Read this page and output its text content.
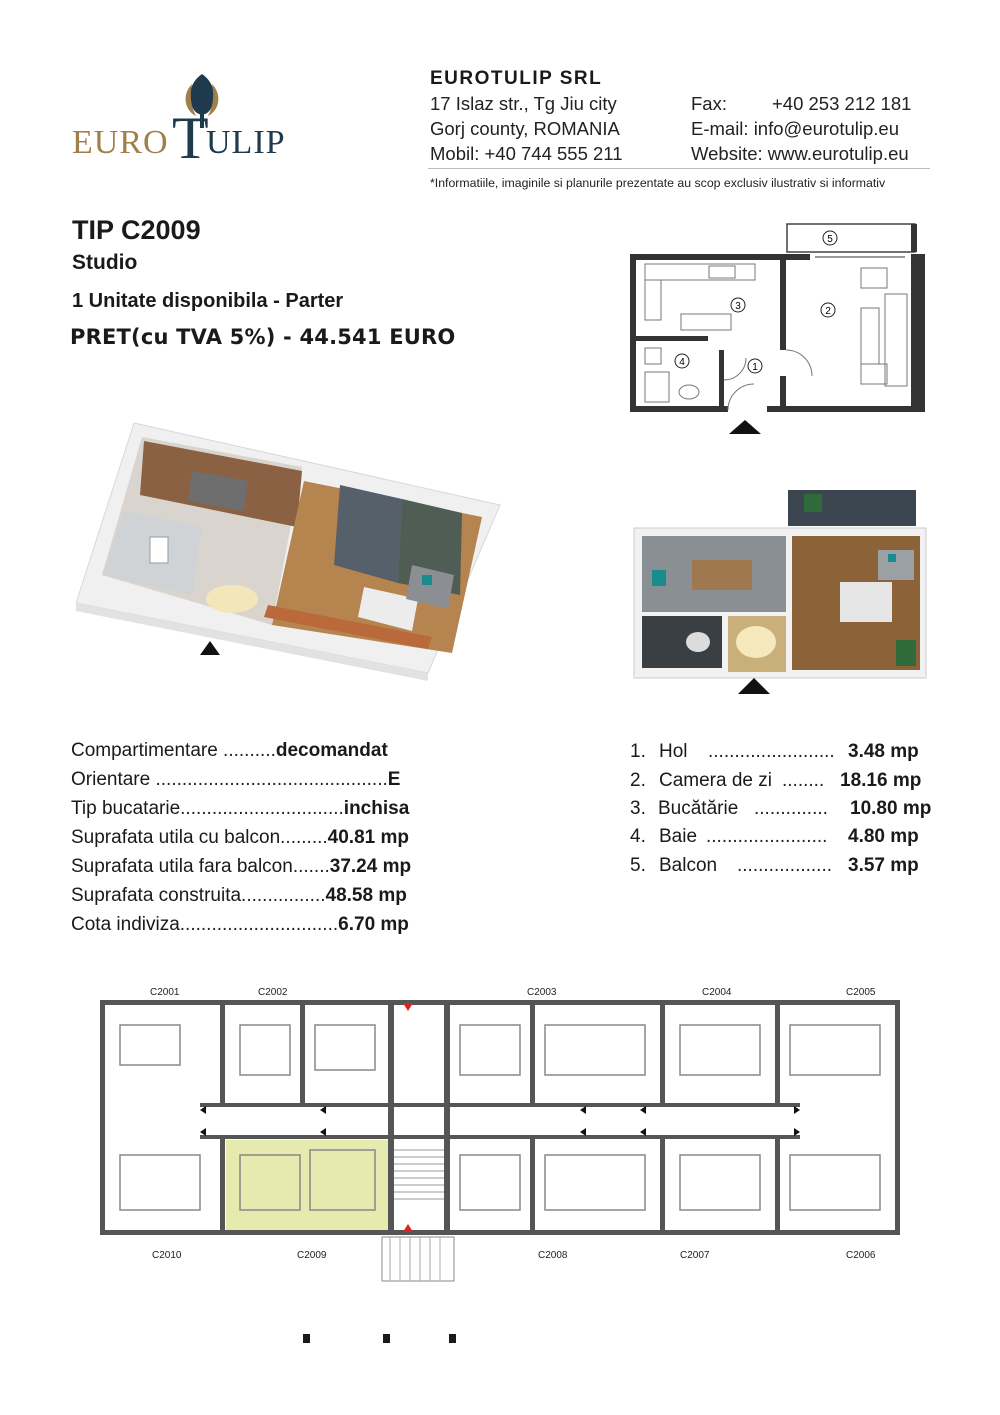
EURO T
ULIP
EUROTULIP SRL
17 Islaz str., Tg Jiu city
Gorj county, ROMANIA
Mobil: +40 744 555 211
Fax: +40 253 212 181
E-mail: info@eurotulip.eu
Website: www.eurotulip.eu
*Informatiile, imaginile si planurile prezentate au scop exclusiv ilustrativ si informativ
TIP C2009
Studio
1 Unitate disponibila - Parter
PRET(cu TVA 5%) - 44.541 EURO
5
2
3
4	1
Compartimentare ..........decomandat
Orientare ............................................E
Tip bucatarie...............................inchisa
Suprafata utila cu balcon.........40.81 mp
Suprafata utila fara balcon.......37.24 mp
Suprafata construita................48.58 mp
Cota indiviza..............................6.70 mp
1. Hol ........................ 3.48 mp
2. Camera de zi ........ 18.16 mp
3. Bucătărie .............. 10.80 mp
4. Baie ....................... 4.80 mp
5. Balcon .................. 3.57 mp
C2001	C2002	C2003	C2004	C2005
C2010	C2009	C2008	C2007	C2006
